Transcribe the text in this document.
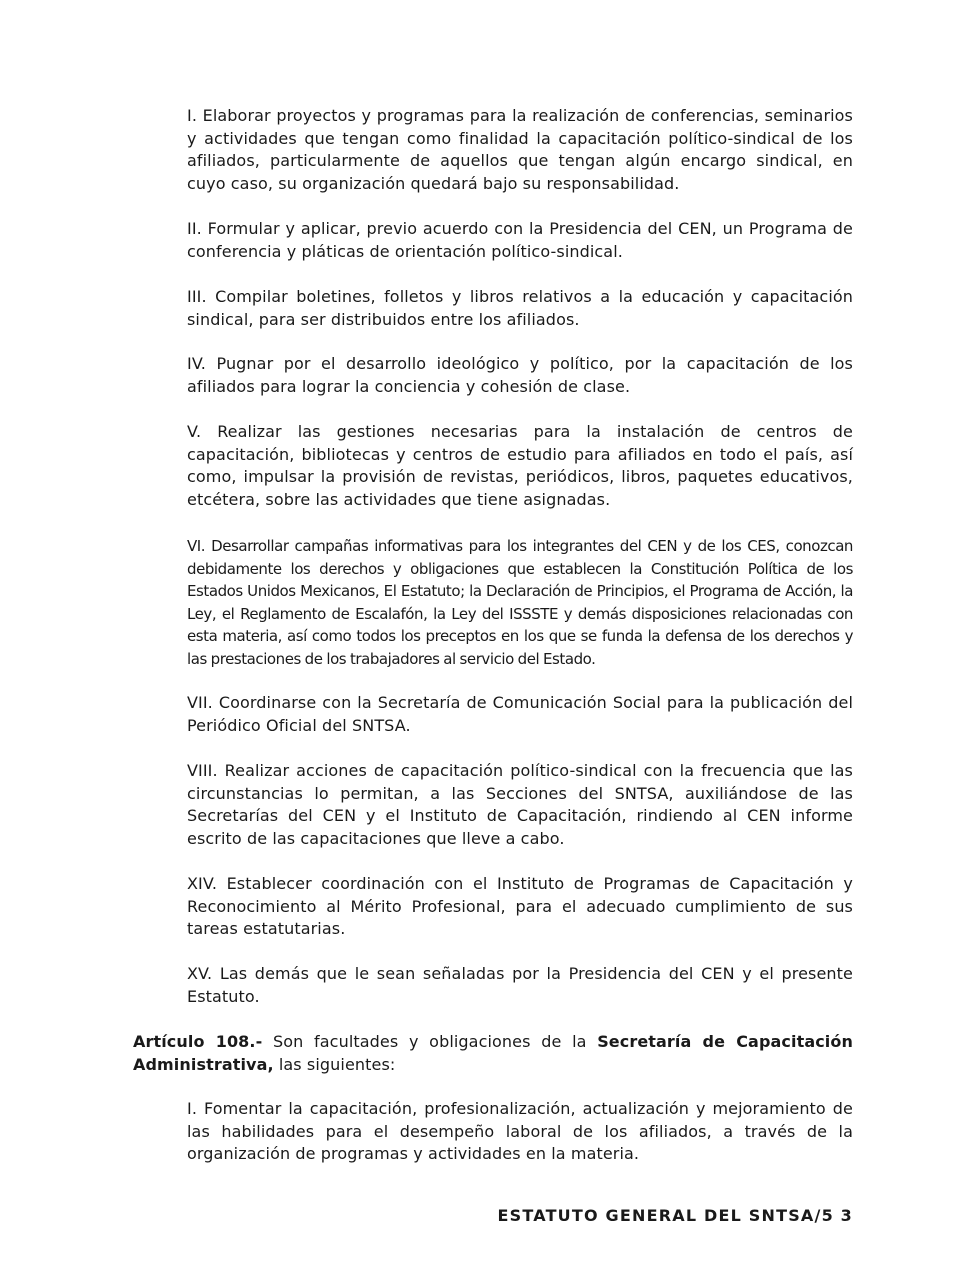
I. Elaborar proyectos y programas para la realización de conferencias, seminarios y actividades que tengan como finalidad la capacitación político-sindical de los afiliados, particularmente de aquellos que tengan algún encargo sindical, en cuyo caso, su organización quedará bajo su responsabilidad.

II. Formular y aplicar, previo acuerdo con la Presidencia del CEN, un Programa de conferencia y pláticas de orientación político-sindical.

III. Compilar boletines, folletos y libros relativos a la educación y capacitación sindical, para ser distribuidos entre los afiliados.

IV. Pugnar por el desarrollo ideológico y político, por la capacitación de los afiliados para lograr la conciencia y cohesión de clase.

V. Realizar las gestiones necesarias para la instalación de centros de capacitación, bibliotecas y centros de estudio para afiliados en todo el país, así como, impulsar la provisión de revistas, periódicos, libros, paquetes educativos, etcétera, sobre las actividades que tiene asignadas.

VI. Desarrollar campañas informativas para los integrantes del CEN y de los CES, conozcan debidamente los derechos y obligaciones que establecen la Constitución Política de los Estados Unidos Mexicanos, El Estatuto; la Declaración de Principios, el Programa de Acción, la Ley, el Reglamento de Escalafón, la Ley del ISSSTE y demás disposiciones relacionadas con esta materia, así como todos los preceptos en los que se funda la defensa de los derechos y las prestaciones de los trabajadores al servicio del Estado.

VII. Coordinarse con la Secretaría de Comunicación Social para la publicación del Periódico Oficial del SNTSA.

VIII. Realizar acciones de capacitación político-sindical con la frecuencia que las circunstancias lo permitan, a las Secciones del SNTSA, auxiliándose de las Secretarías del CEN y el Instituto de Capacitación, rindiendo al CEN informe escrito de las capacitaciones que lleve a cabo.

XIV. Establecer coordinación con el Instituto de Programas de Capacitación y Reconocimiento al Mérito Profesional, para el adecuado cumplimiento de sus tareas estatutarias.

XV. Las demás que le sean señaladas por la Presidencia del CEN y el presente Estatuto.

Artículo 108.- Son facultades y obligaciones de la Secretaría de Capacitación Administrativa, las siguientes:

I. Fomentar la capacitación, profesionalización, actualización y mejoramiento de las habilidades para el desempeño laboral de los afiliados, a través de la organización de programas y actividades en la materia.

ESTATUTO GENERAL DEL SNTSA/5 3
